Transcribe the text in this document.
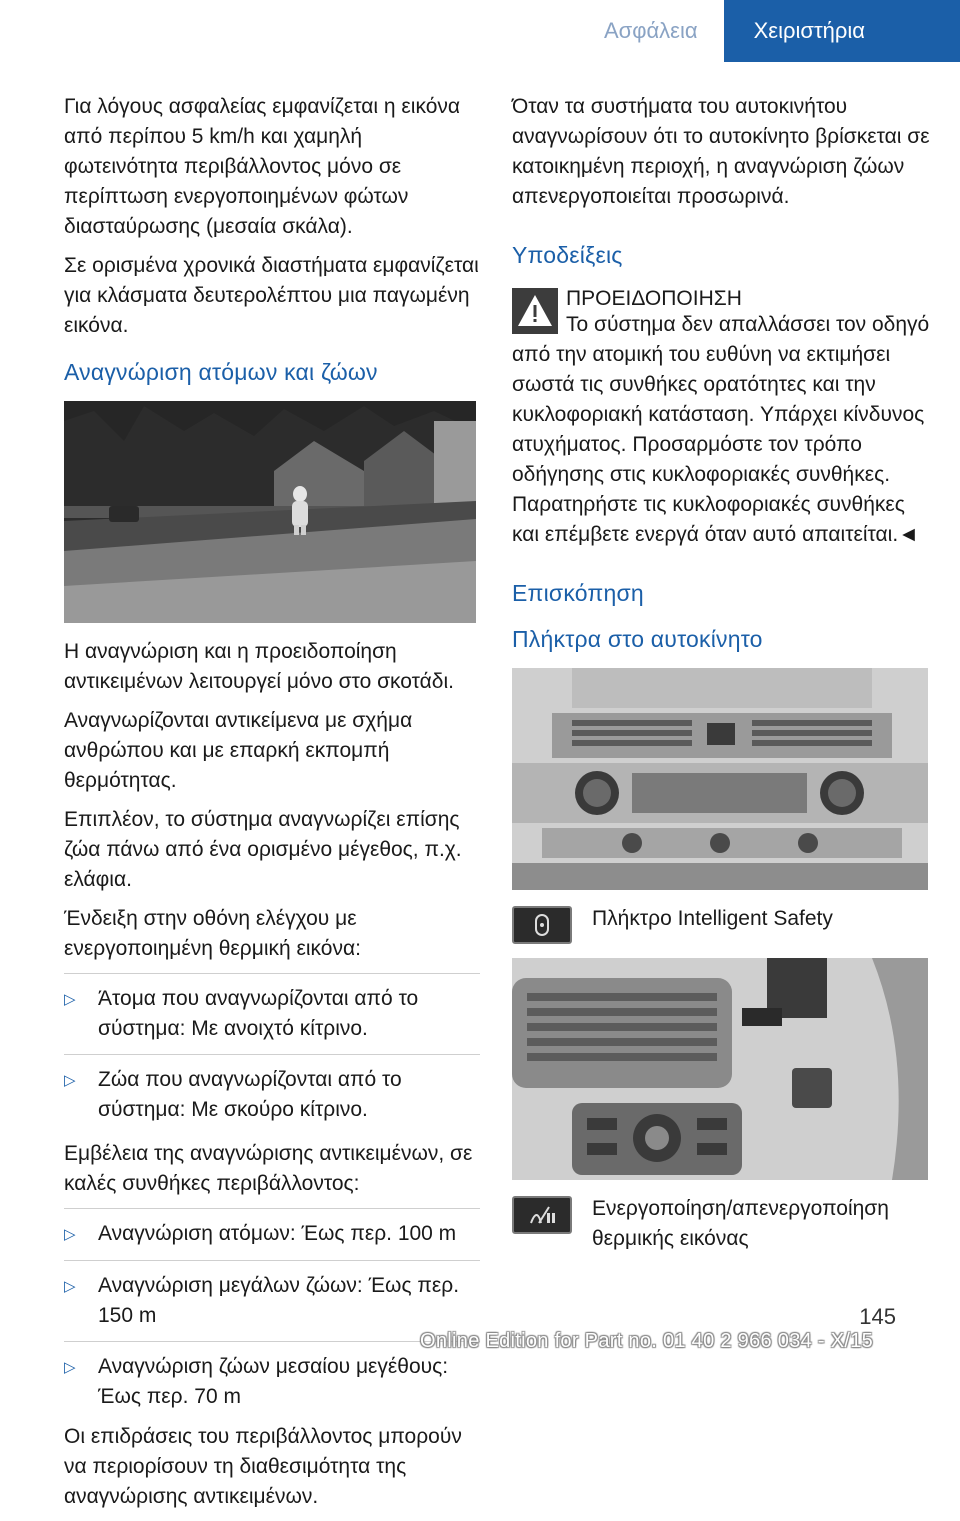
Ασφάλεια	Χειριστήρια

Για λόγους ασφαλείας εμφανίζεται η εικόνα από περίπου 5 km/h και χαμηλή φωτεινότητα περιβάλλοντος μόνο σε περίπτωση ενεργοποιημένων φώτων διασταύρωσης (μεσαία σκάλα).

Σε ορισμένα χρονικά διαστήματα εμφανίζεται για κλάσματα δευτερολέπτου μια παγωμένη εικόνα.

Αναγνώριση ατόμων και ζώων

Η αναγνώριση και η προειδοποίηση αντικειμένων λειτουργεί μόνο στο σκοτάδι.

Αναγνωρίζονται αντικείμενα με σχήμα ανθρώπου και με επαρκή εκπομπή θερμότητας.

Επιπλέον, το σύστημα αναγνωρίζει επίσης ζώα πάνω από ένα ορισμένο μέγεθος, π.χ. ελάφια.

Ένδειξη στην οθόνη ελέγχου με ενεργοποιημένη θερμική εικόνα:

▷	Άτομα που αναγνωρίζονται από το σύστημα: Με ανοιχτό κίτρινο.
▷	Ζώα που αναγνωρίζονται από το σύστημα: Με σκούρο κίτρινο.

Εμβέλεια της αναγνώρισης αντικειμένων, σε καλές συνθήκες περιβάλλοντος:

▷	Αναγνώριση ατόμων: Έως περ. 100 m
▷	Αναγνώριση μεγάλων ζώων: Έως περ. 150 m
▷	Αναγνώριση ζώων μεσαίου μεγέθους: Έως περ. 70 m

Οι επιδράσεις του περιβάλλοντος μπορούν να περιορίσουν τη διαθεσιμότητα της αναγνώρισης αντικειμένων.

Όταν τα συστήματα του αυτοκινήτου αναγνωρίσουν ότι το αυτοκίνητο βρίσκεται σε κατοικημένη περιοχή, η αναγνώριση ζώων απενεργοποιείται προσωρινά.

Υποδείξεις
ΠΡΟΕΙΔΟΠΟΙΗΣΗ

Το σύστημα δεν απαλλάσσει τον οδηγό από την ατομική του ευθύνη να εκτιμήσει σωστά τις συνθήκες ορατότητες και την κυκλοφοριακή κατάσταση. Υπάρχει κίνδυνος ατυχήματος. Προσαρμόστε τον τρόπο οδήγησης στις κυκλοφοριακές συνθήκες. Παρατηρήστε τις κυκλοφοριακές συνθήκες και επέμβετε ενεργά όταν αυτό απαιτείται.◄

Επισκόπηση
Πλήκτρα στο αυτοκίνητο
Πλήκτρο Intelligent Safety
Ενεργοποίηση/απενεργοποίηση θερμικής εικόνας
145
Online Edition for Part no. 01 40 2 966 034 - X/15
